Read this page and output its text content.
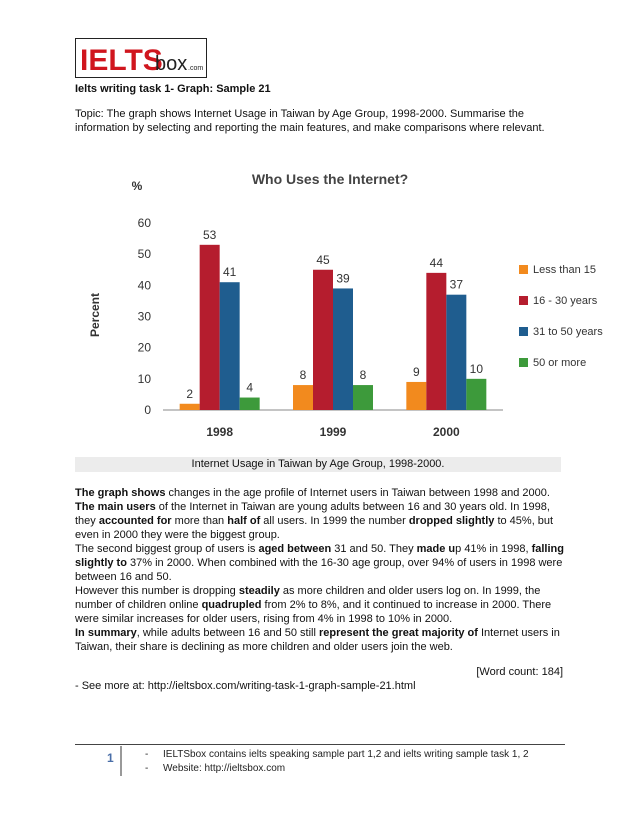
IELTS
box .com
Ielts writing task 1- Graph: Sample 21
Topic: The graph shows Internet Usage in Taiwan by Age Group, 1998-2000. Summarise the information by selecting and reporting the main features, and make comparisons where relevant.
Who Uses the Internet?
%
Percent
0
10
20
30
40
50
60
2
53
41
4
1998
8
45
39
8
1999
9
44
37
10
2000
Less than 15
16 - 30 years
31 to 50 years
50 or more
Internet Usage in Taiwan by Age Group, 1998-2000.

The graph shows changes in the age profile of Internet users in Taiwan between 1998 and 2000. The main users of the Internet in Taiwan are young adults between 16 and 30 years old. In 1998, they accounted for more than half of all users. In 1999 the number dropped slightly to 45%, but even in 2000 they were the biggest group.

The second biggest group of users is aged between 31 and 50. They made up 41% in 1998, falling slightly to 37% in 2000. When combined with the 16-30 age group, over 94% of users in 1998 were between 16 and 50.

However this number is dropping steadily as more children and older users log on. In 1999, the number of children online quadrupled from 2% to 8%, and it continued to increase in 2000. There were similar increases for older users, rising from 4% in 1998 to 10% in 2000.

In summary, while adults between 16 and 50 still represent the great majority of Internet users in Taiwan, their share is declining as more children and older users join the web.

[Word count: 184]
- See more at: http://ieltsbox.com/writing-task-1-graph-sample-21.html
1	- IELTSbox contains ielts speaking sample part 1,2 and ielts writing sample task 1, 2
- Website: http://ieltsbox.com
